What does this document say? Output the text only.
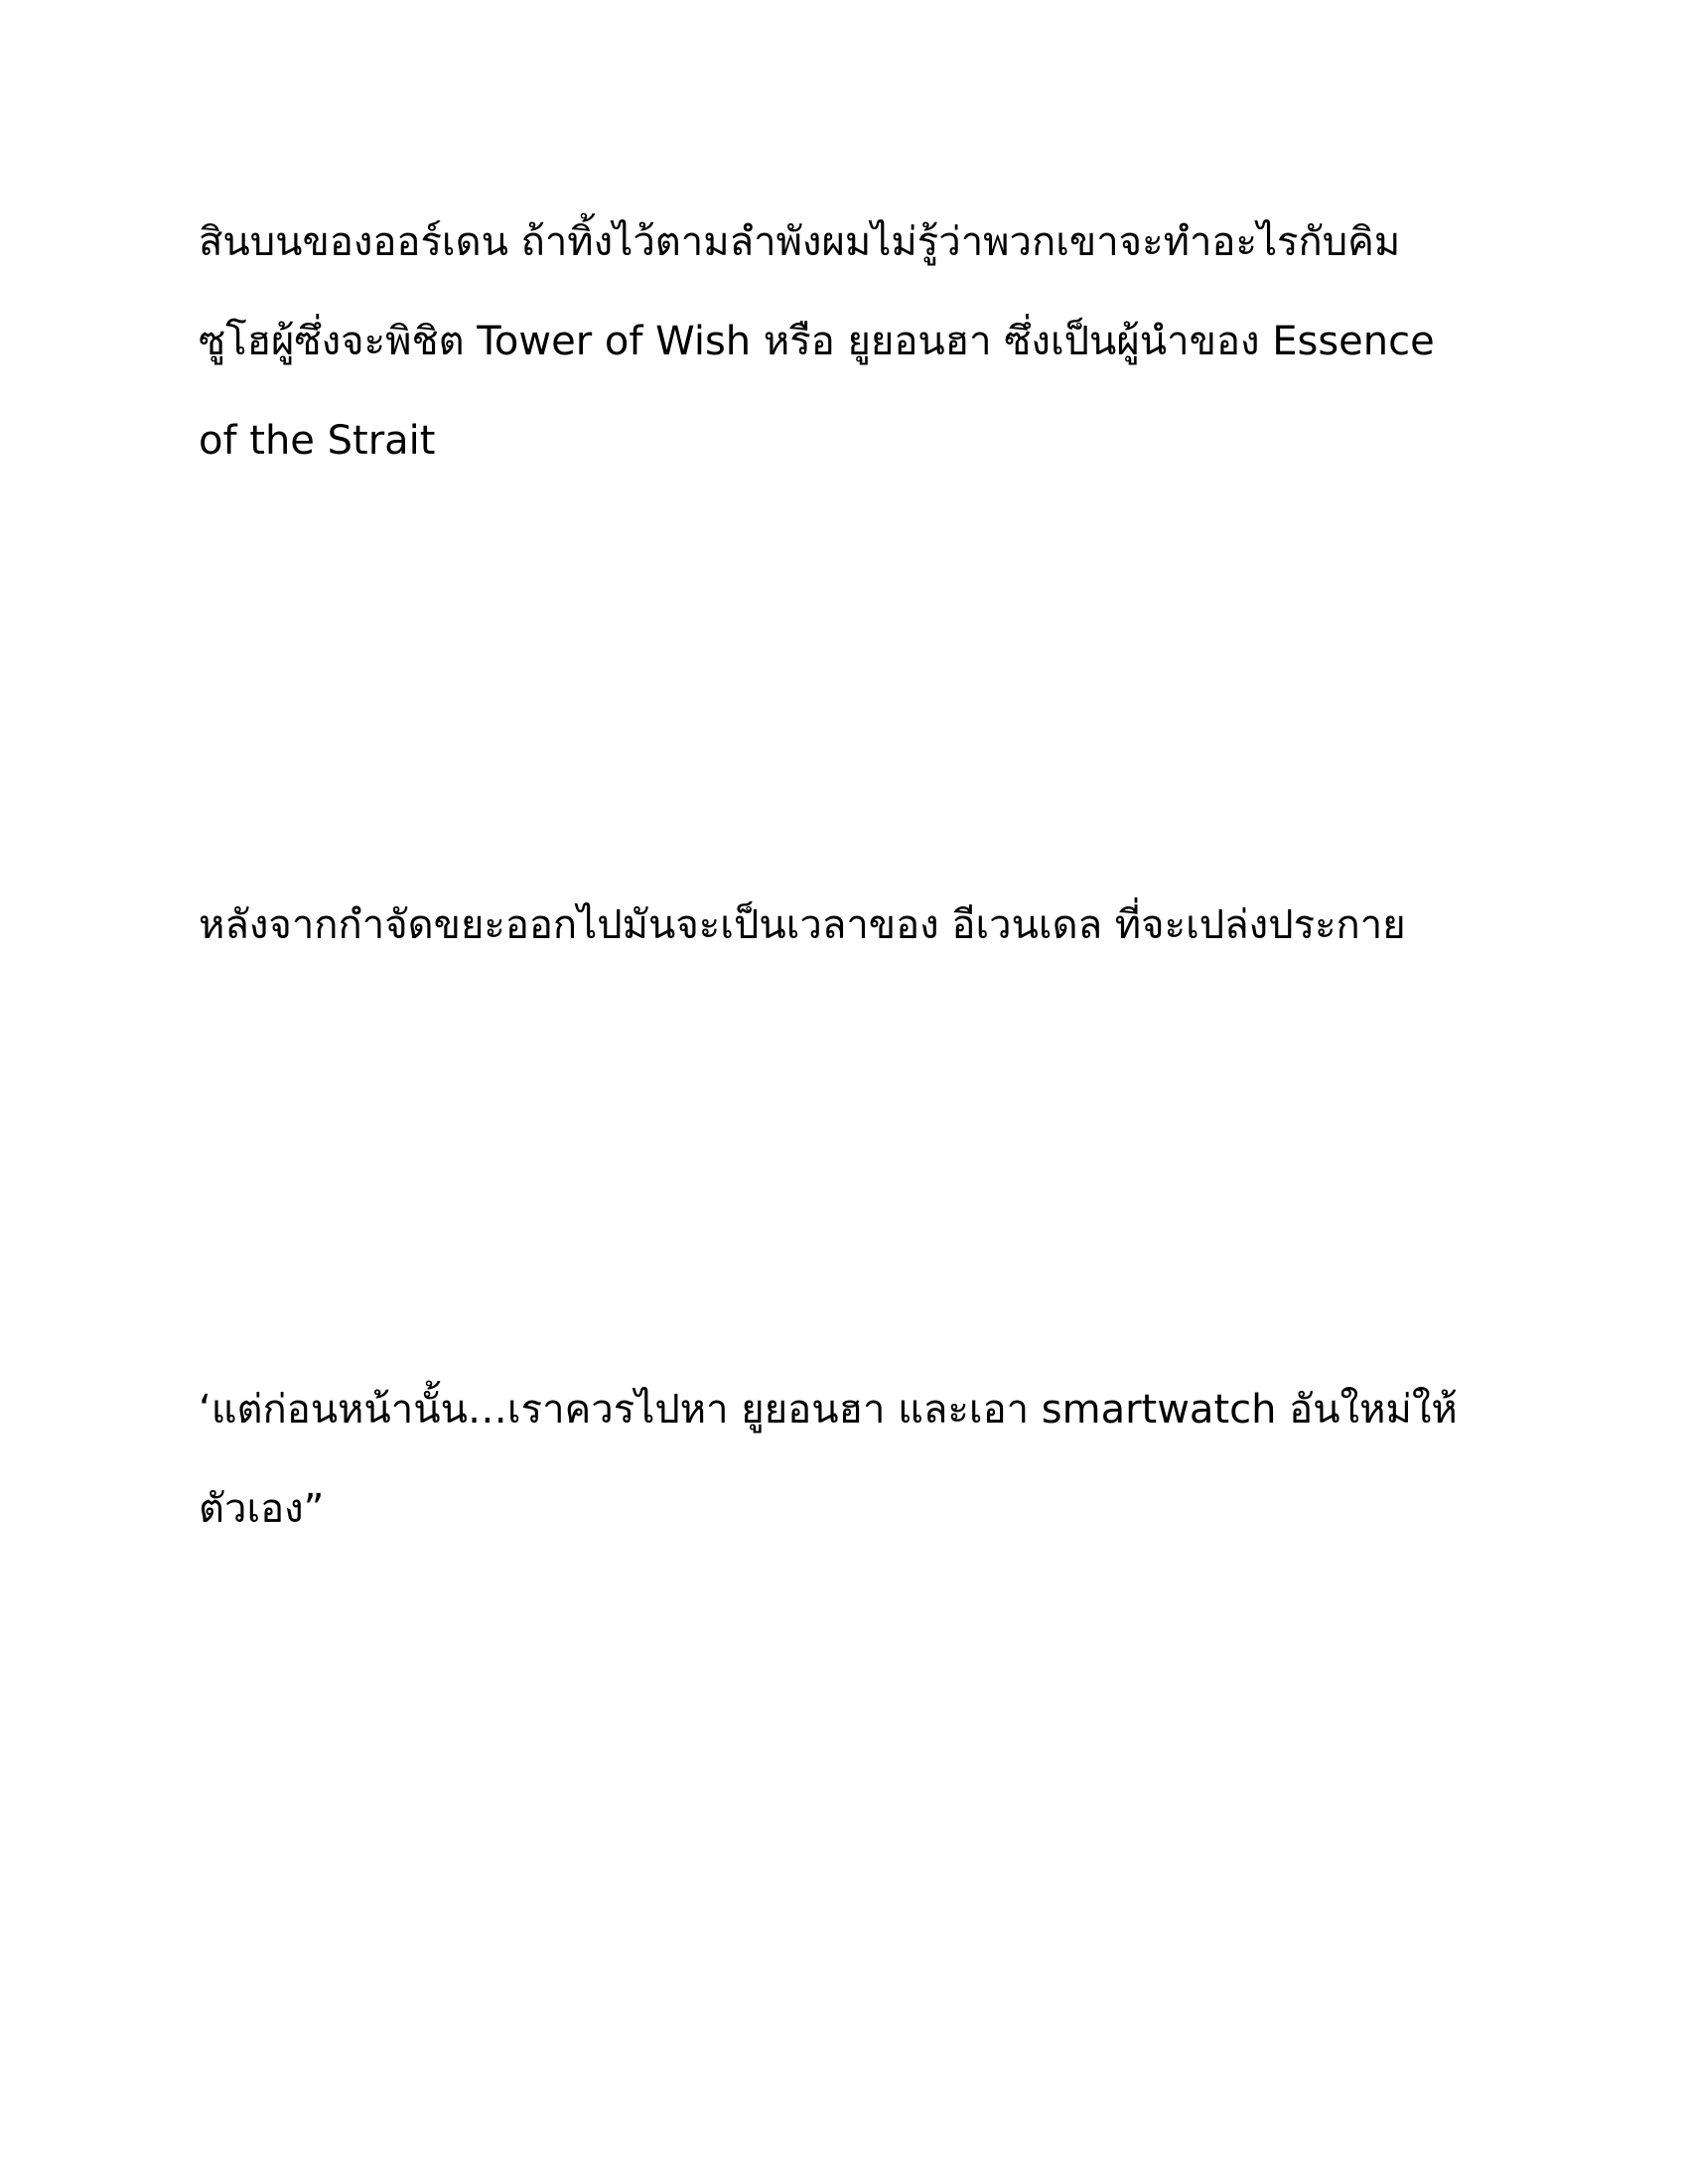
สินบนของออร์เดน ถ้าทิ้งไว้ตามลำพังผมไม่รู้ว่าพวกเขาจะทำอะไรกับคิม
ซูโฮผู้ซึ่งจะพิชิต Tower of Wish หรือ ยูยอนฮา ซึ่งเป็นผู้นำของ Essence
of the Strait
หลังจากกำจัดขยะออกไปมันจะเป็นเวลาของ อีเวนเดล ที่จะเปล่งประกาย
‘แต่ก่อนหน้านั้น…เราควรไปหา ยูยอนฮา และเอา smartwatch อันใหม่ให้
ตัวเอง”
